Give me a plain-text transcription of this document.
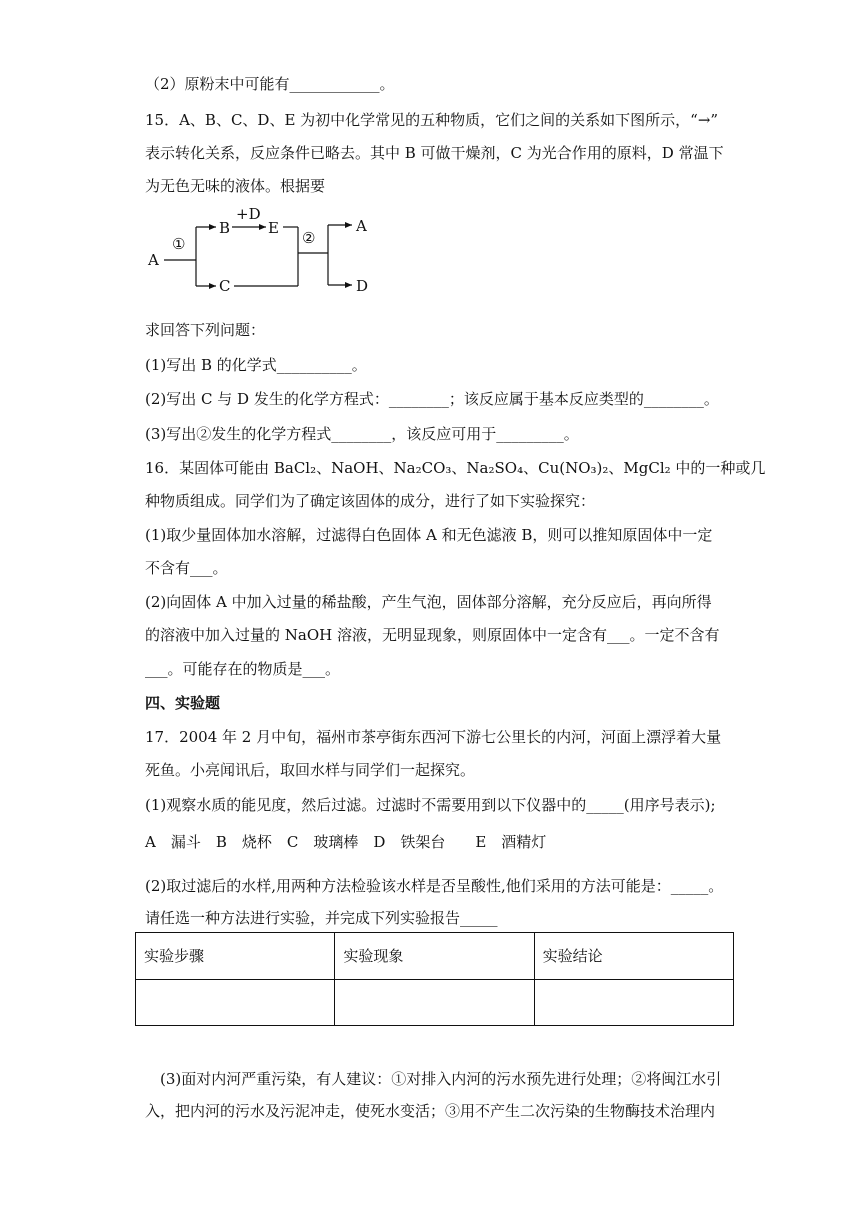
（2）原粉末中可能有____________。
15．A、B、C、D、E 为初中化学常见的五种物质，它们之间的关系如下图所示，“→”
表示转化关系，反应条件已略去。其中 B 可做干燥剂，C 为光合作用的原料，D 常温下
为无色无味的液体。根据要
A
①
B
C
+D
E
②
A
D
求回答下列问题：
(1)写出 B 的化学式__________。
(2)写出 C 与 D 发生的化学方程式：________；该反应属于基本反应类型的________。
(3)写出②发生的化学方程式________，该反应可用于_________。
16．某固体可能由 BaCl₂、NaOH、Na₂CO₃、Na₂SO₄、Cu(NO₃)₂、MgCl₂ 中的一种或几
种物质组成。同学们为了确定该固体的成分，进行了如下实验探究：
(1)取少量固体加水溶解，过滤得白色固体 A 和无色滤液 B，则可以推知原固体中一定
不含有___。
(2)向固体 A 中加入过量的稀盐酸，产生气泡，固体部分溶解，充分反应后，再向所得
的溶液中加入过量的 NaOH 溶液，无明显现象，则原固体中一定含有___。一定不含有
___。可能存在的物质是___。
四、实验题
17．2004 年 2 月中旬，福州市茶亭街东西河下游七公里长的内河，河面上漂浮着大量
死鱼。小亮闻讯后，取回水样与同学们一起探究。
(1)观察水质的能见度，然后过滤。过滤时不需要用到以下仪器中的_____(用序号表示);
A　漏斗　B　烧杯　C　玻璃棒　D　铁架台　　E　酒精灯
(2)取过滤后的水样,用两种方法检验该水样是否呈酸性,他们采用的方法可能是：_____。
请任选一种方法进行实验，并完成下列实验报告_____
实验步骤	实验现象	实验结论

　(3)面对内河严重污染，有人建议：①对排入内河的污水预先进行处理；②将闽江水引
入，把内河的污水及污泥冲走，使死水变活；③用不产生二次污染的生物酶技术治理内
